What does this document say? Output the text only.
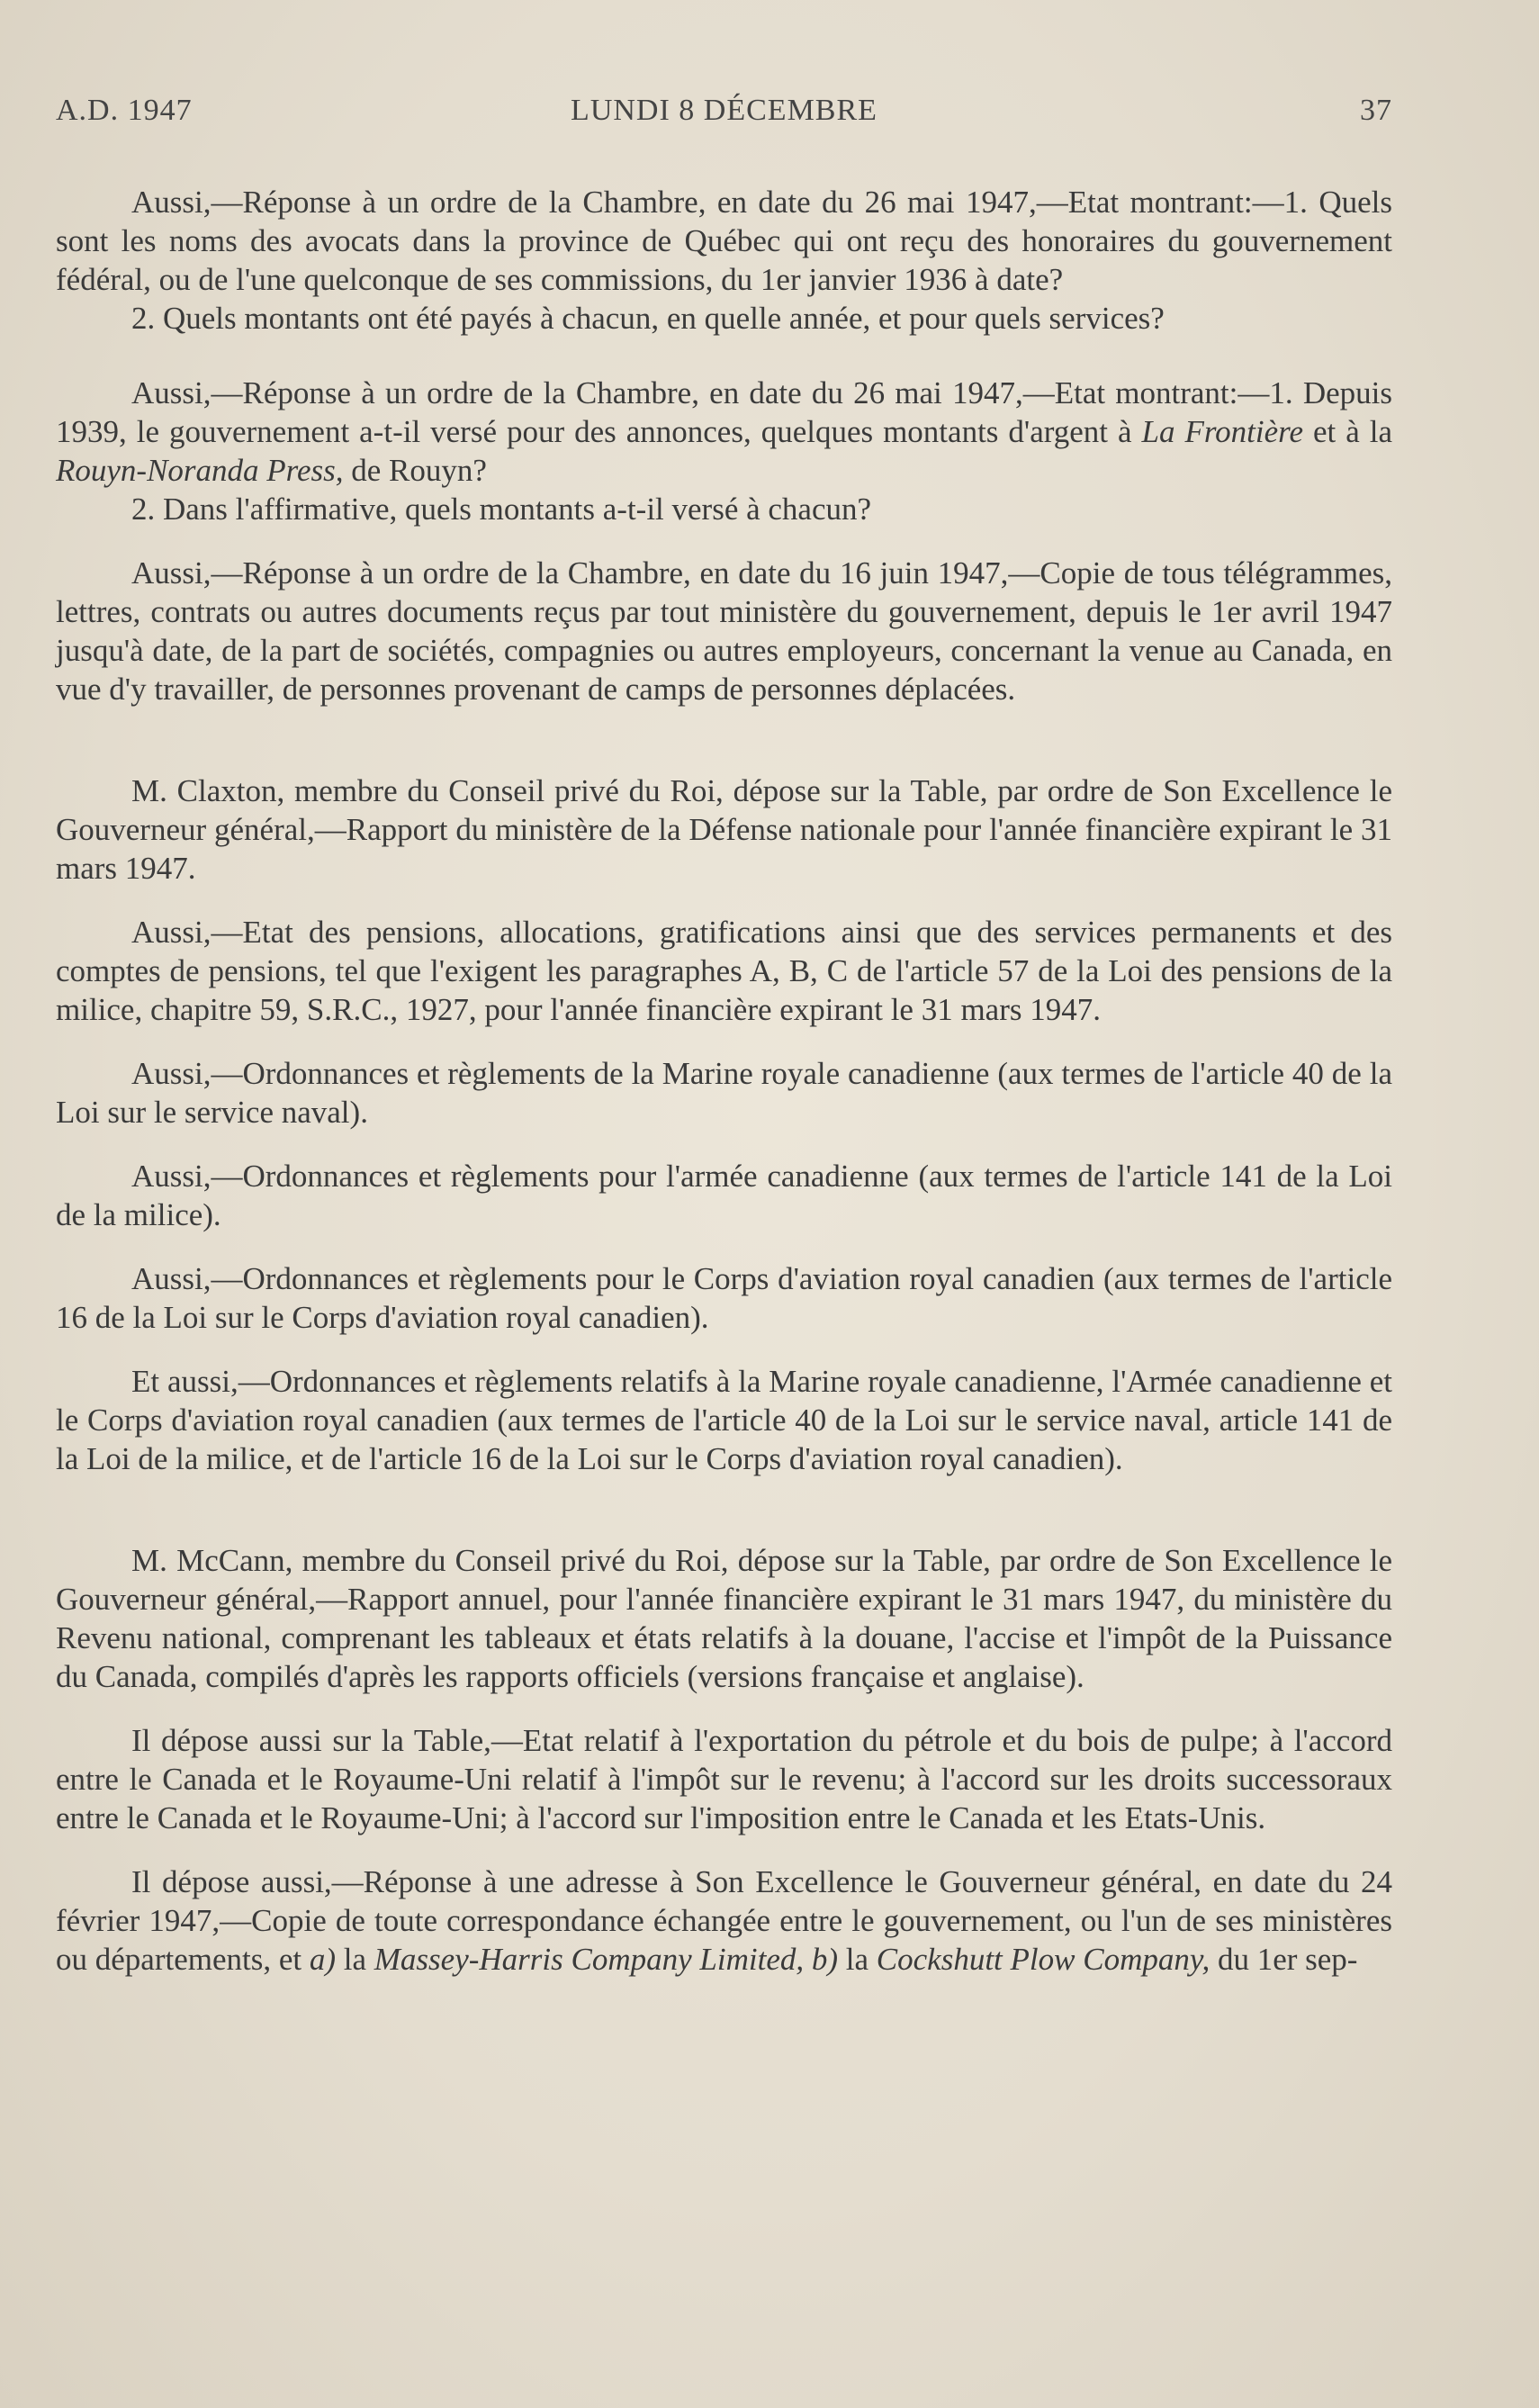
A.D. 1947	LUNDI 8 DÉCEMBRE	37

Aussi,—Réponse à un ordre de la Chambre, en date du 26 mai 1947,—Etat montrant:—1. Quels sont les noms des avocats dans la province de Québec qui ont reçu des honoraires du gouvernement fédéral, ou de l'une quelconque de ses commissions, du 1er janvier 1936 à date?

2. Quels montants ont été payés à chacun, en quelle année, et pour quels services?

Aussi,—Réponse à un ordre de la Chambre, en date du 26 mai 1947,—Etat montrant:—1. Depuis 1939, le gouvernement a-t-il versé pour des annonces, quelques montants d'argent à La Frontière et à la Rouyn-Noranda Press, de Rouyn?

2. Dans l'affirmative, quels montants a-t-il versé à chacun?

Aussi,—Réponse à un ordre de la Chambre, en date du 16 juin 1947,—Copie de tous télégrammes, lettres, contrats ou autres documents reçus par tout ministère du gouvernement, depuis le 1er avril 1947 jusqu'à date, de la part de sociétés, compagnies ou autres employeurs, concernant la venue au Canada, en vue d'y travailler, de personnes provenant de camps de personnes déplacées.

M. Claxton, membre du Conseil privé du Roi, dépose sur la Table, par ordre de Son Excellence le Gouverneur général,—Rapport du ministère de la Défense nationale pour l'année financière expirant le 31 mars 1947.

Aussi,—Etat des pensions, allocations, gratifications ainsi que des services permanents et des comptes de pensions, tel que l'exigent les paragraphes A, B, C de l'article 57 de la Loi des pensions de la milice, chapitre 59, S.R.C., 1927, pour l'année financière expirant le 31 mars 1947.

Aussi,—Ordonnances et règlements de la Marine royale canadienne (aux termes de l'article 40 de la Loi sur le service naval).

Aussi,—Ordonnances et règlements pour l'armée canadienne (aux termes de l'article 141 de la Loi de la milice).

Aussi,—Ordonnances et règlements pour le Corps d'aviation royal canadien (aux termes de l'article 16 de la Loi sur le Corps d'aviation royal canadien).

Et aussi,—Ordonnances et règlements relatifs à la Marine royale canadienne, l'Armée canadienne et le Corps d'aviation royal canadien (aux termes de l'article 40 de la Loi sur le service naval, article 141 de la Loi de la milice, et de l'article 16 de la Loi sur le Corps d'aviation royal canadien).

M. McCann, membre du Conseil privé du Roi, dépose sur la Table, par ordre de Son Excellence le Gouverneur général,—Rapport annuel, pour l'année financière expirant le 31 mars 1947, du ministère du Revenu national, comprenant les tableaux et états relatifs à la douane, l'accise et l'impôt de la Puissance du Canada, compilés d'après les rapports officiels (versions française et anglaise).

Il dépose aussi sur la Table,—Etat relatif à l'exportation du pétrole et du bois de pulpe; à l'accord entre le Canada et le Royaume-Uni relatif à l'impôt sur le revenu; à l'accord sur les droits successoraux entre le Canada et le Royaume-Uni; à l'accord sur l'imposition entre le Canada et les Etats-Unis.

Il dépose aussi,—Réponse à une adresse à Son Excellence le Gouverneur général, en date du 24 février 1947,—Copie de toute correspondance échangée entre le gouvernement, ou l'un de ses ministères ou départements, et a) la Massey-Harris Company Limited, b) la Cockshutt Plow Company, du 1er sep-
